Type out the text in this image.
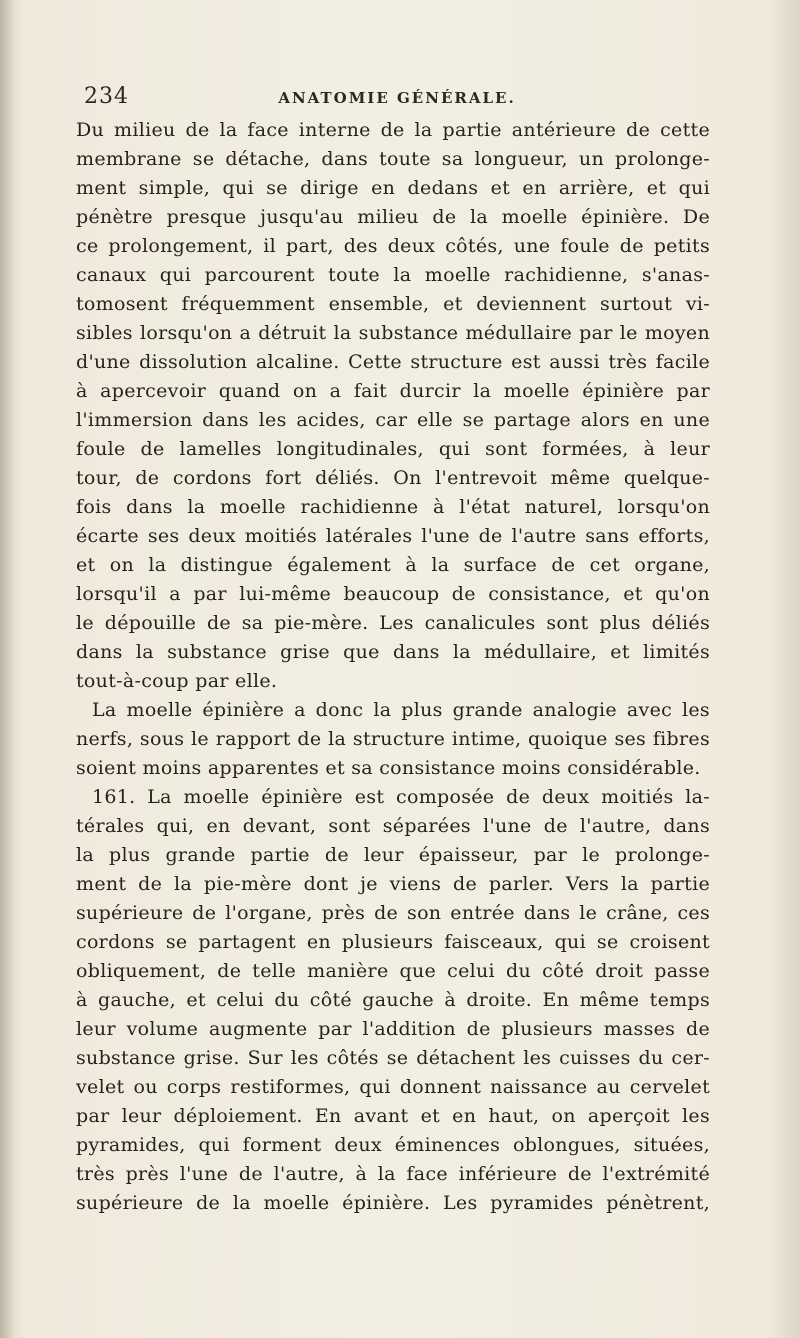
234	ANATOMIE GÉNÉRALE.
Du milieu de la face interne de la partie antérieure de cette
membrane se détache, dans toute sa longueur, un prolonge-
ment simple, qui se dirige en dedans et en arrière, et qui
pénètre presque jusqu'au milieu de la moelle épinière. De
ce prolongement, il part, des deux côtés, une foule de petits
canaux qui parcourent toute la moelle rachidienne, s'anas-
tomosent fréquemment ensemble, et deviennent surtout vi-
sibles lorsqu'on a détruit la substance médullaire par le moyen
d'une dissolution alcaline. Cette structure est aussi très facile
à apercevoir quand on a fait durcir la moelle épinière par
l'immersion dans les acides, car elle se partage alors en une
foule de lamelles longitudinales, qui sont formées, à leur
tour, de cordons fort déliés. On l'entrevoit même quelque-
fois dans la moelle rachidienne à l'état naturel, lorsqu'on
écarte ses deux moitiés latérales l'une de l'autre sans efforts,
et on la distingue également à la surface de cet organe,
lorsqu'il a par lui-même beaucoup de consistance, et qu'on
le dépouille de sa pie-mère. Les canalicules sont plus déliés
dans la substance grise que dans la médullaire, et limités
tout-à-coup par elle.
La moelle épinière a donc la plus grande analogie avec les
nerfs, sous le rapport de la structure intime, quoique ses fibres
soient moins apparentes et sa consistance moins considérable.
161. La moelle épinière est composée de deux moitiés la-
térales qui, en devant, sont séparées l'une de l'autre, dans
la plus grande partie de leur épaisseur, par le prolonge-
ment de la pie-mère dont je viens de parler. Vers la partie
supérieure de l'organe, près de son entrée dans le crâne, ces
cordons se partagent en plusieurs faisceaux, qui se croisent
obliquement, de telle manière que celui du côté droit passe
à gauche, et celui du côté gauche à droite. En même temps
leur volume augmente par l'addition de plusieurs masses de
substance grise. Sur les côtés se détachent les cuisses du cer-
velet ou corps restiformes, qui donnent naissance au cervelet
par leur déploiement. En avant et en haut, on aperçoit les
pyramides, qui forment deux éminences oblongues, situées,
très près l'une de l'autre, à la face inférieure de l'extrémité
supérieure de la moelle épinière. Les pyramides pénètrent,
